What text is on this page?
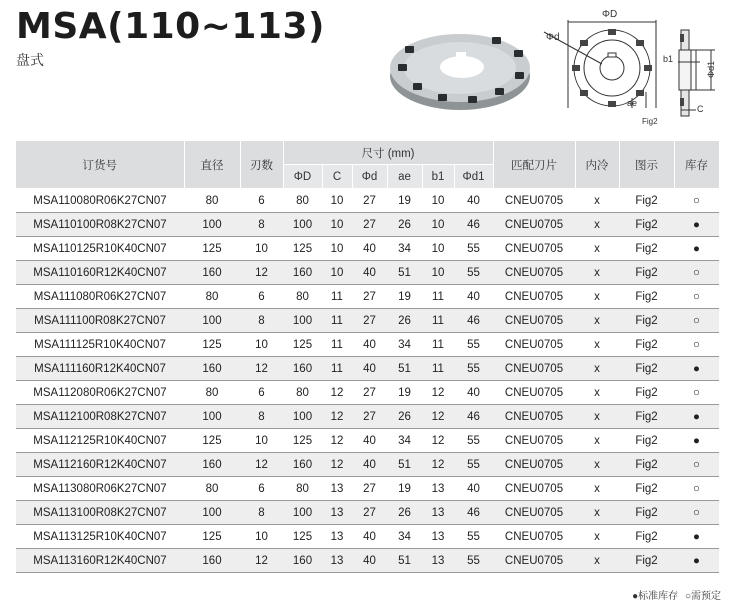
MSA(110~113)
盘式
ΦD
Φd
ae
Fig2
b1
Φd1
C
订货号	直径	刃数	尺寸 (mm)						匹配刀片	内冷	图示	库存
			ΦD	C	Φd	ae	b1	Φd1				
MSA110080R06K27CN07	80	6	80	10	27	19	10	40	CNEU0705	x	Fig2	○
MSA110100R08K27CN07	100	8	100	10	27	26	10	46	CNEU0705	x	Fig2	●
MSA110125R10K40CN07	125	10	125	10	40	34	10	55	CNEU0705	x	Fig2	●
MSA110160R12K40CN07	160	12	160	10	40	51	10	55	CNEU0705	x	Fig2	○
MSA111080R06K27CN07	80	6	80	11	27	19	11	40	CNEU0705	x	Fig2	○
MSA111100R08K27CN07	100	8	100	11	27	26	11	46	CNEU0705	x	Fig2	○
MSA111125R10K40CN07	125	10	125	11	40	34	11	55	CNEU0705	x	Fig2	○
MSA111160R12K40CN07	160	12	160	11	40	51	11	55	CNEU0705	x	Fig2	●
MSA112080R06K27CN07	80	6	80	12	27	19	12	40	CNEU0705	x	Fig2	○
MSA112100R08K27CN07	100	8	100	12	27	26	12	46	CNEU0705	x	Fig2	●
MSA112125R10K40CN07	125	10	125	12	40	34	12	55	CNEU0705	x	Fig2	●
MSA112160R12K40CN07	160	12	160	12	40	51	12	55	CNEU0705	x	Fig2	○
MSA113080R06K27CN07	80	6	80	13	27	19	13	40	CNEU0705	x	Fig2	○
MSA113100R08K27CN07	100	8	100	13	27	26	13	46	CNEU0705	x	Fig2	○
MSA113125R10K40CN07	125	10	125	13	40	34	13	55	CNEU0705	x	Fig2	●
MSA113160R12K40CN07	160	12	160	13	40	51	13	55	CNEU0705	x	Fig2	●
●标准库存 ○需预定
